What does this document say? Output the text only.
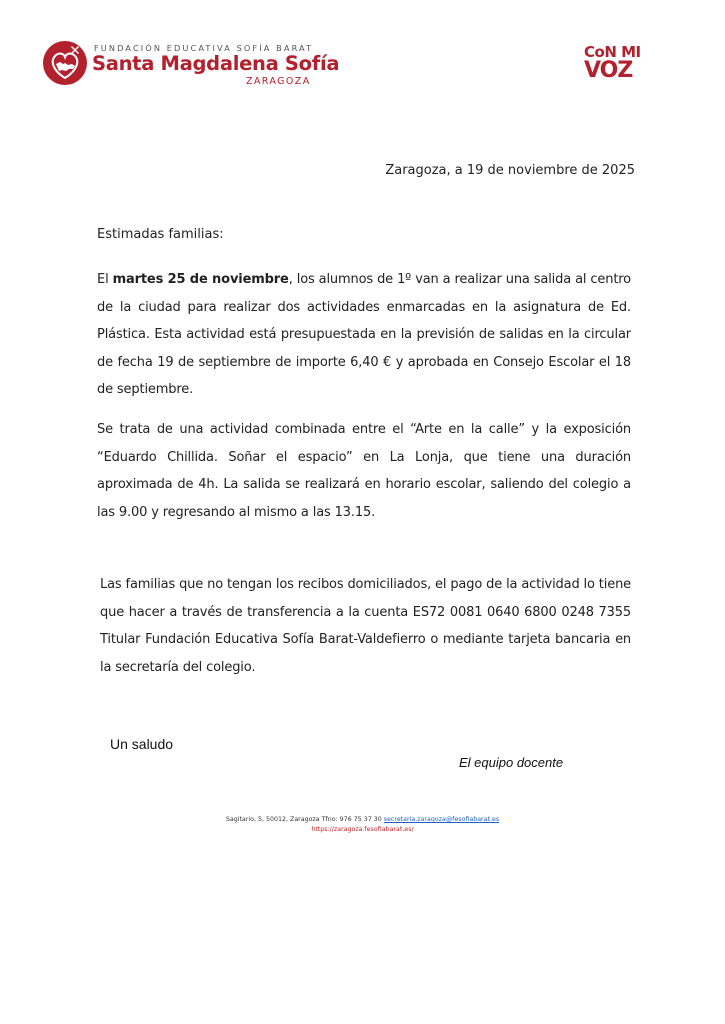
FUNDACIÓN EDUCATIVA SOFÍA BARAT
Santa Magdalena Sofía
ZARAGOZA
CoN MI
VOZ
Zaragoza, a 19 de noviembre de 2025
Estimadas familias:
El martes 25 de noviembre, los alumnos de 1º van a realizar una salida al centro de la ciudad para realizar dos actividades enmarcadas en la asignatura de Ed. Plástica. Esta actividad está presupuestada en la previsión de salidas en la circular de fecha 19 de septiembre de importe 6,40 € y aprobada en Consejo Escolar el 18 de septiembre.
Se trata de una actividad combinada entre el “Arte en la calle” y la exposición “Eduardo Chillida. Soñar el espacio” en La Lonja, que tiene una duración aproximada de 4h. La salida se realizará en horario escolar, saliendo del colegio a las 9.00 y regresando al mismo a las 13.15.
Las familias que no tengan los recibos domiciliados, el pago de la actividad lo tiene que hacer a través de transferencia a la cuenta ES72 0081 0640 6800 0248 7355 Titular Fundación Educativa Sofía Barat-Valdefierro o mediante tarjeta bancaria en la secretaría del colegio.
Un saludo
El equipo docente
Sagitario, 5, 50012, Zaragoza Tfno: 976 75 37 30 secretaria.zaragoza@fesofiabarat.es
https://zaragoza.fesofiabarat.es/
